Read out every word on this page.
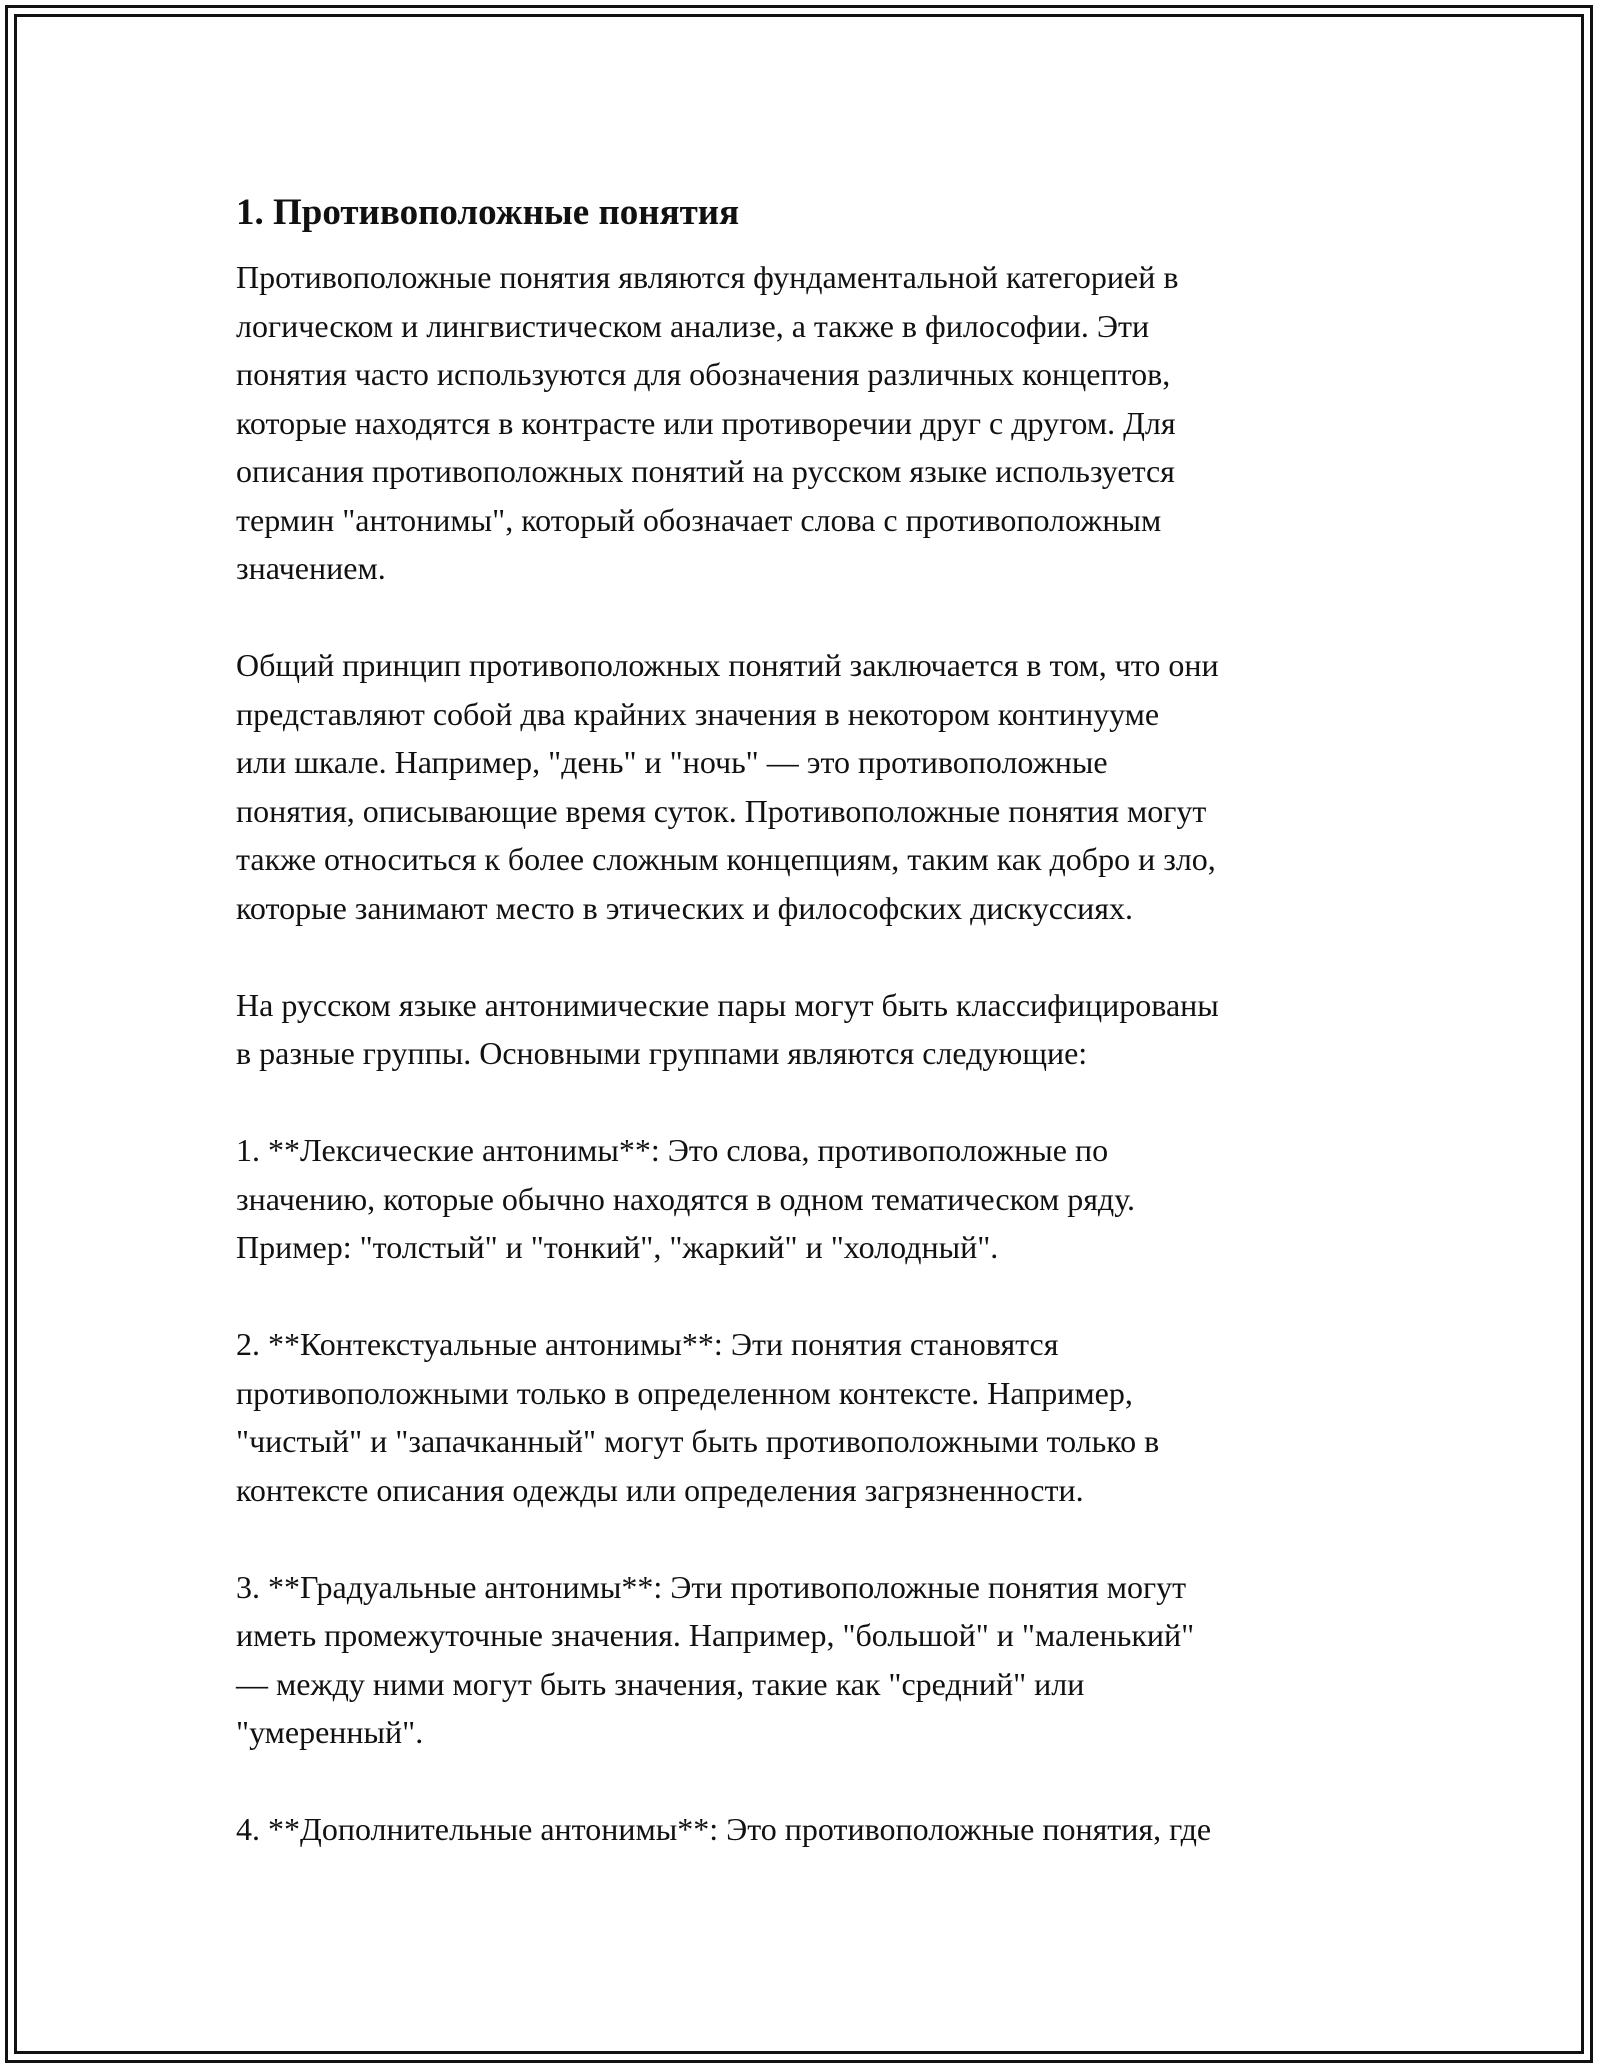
1. Противоположные понятия

Противоположные понятия являются фундаментальной категорией в
логическом и лингвистическом анализе, а также в философии. Эти
понятия часто используются для обозначения различных концептов,
которые находятся в контрасте или противоречии друг с другом. Для
описания противоположных понятий на русском языке используется
термин "антонимы", который обозначает слова с противоположным
значением.

Общий принцип противоположных понятий заключается в том, что они
представляют собой два крайних значения в некотором континууме
или шкале. Например, "день" и "ночь" — это противоположные
понятия, описывающие время суток. Противоположные понятия могут
также относиться к более сложным концепциям, таким как добро и зло,
которые занимают место в этических и философских дискуссиях.

На русском языке антонимические пары могут быть классифицированы
в разные группы. Основными группами являются следующие:

1. **Лексические антонимы**: Это слова, противоположные по
значению, которые обычно находятся в одном тематическом ряду.
Пример: "толстый" и "тонкий", "жаркий" и "холодный".

2. **Контекстуальные антонимы**: Эти понятия становятся
противоположными только в определенном контексте. Например,
"чистый" и "запачканный" могут быть противоположными только в
контексте описания одежды или определения загрязненности.

3. **Градуальные антонимы**: Эти противоположные понятия могут
иметь промежуточные значения. Например, "большой" и "маленький"
— между ними могут быть значения, такие как "средний" или
"умеренный".

4. **Дополнительные антонимы**: Это противоположные понятия, где
